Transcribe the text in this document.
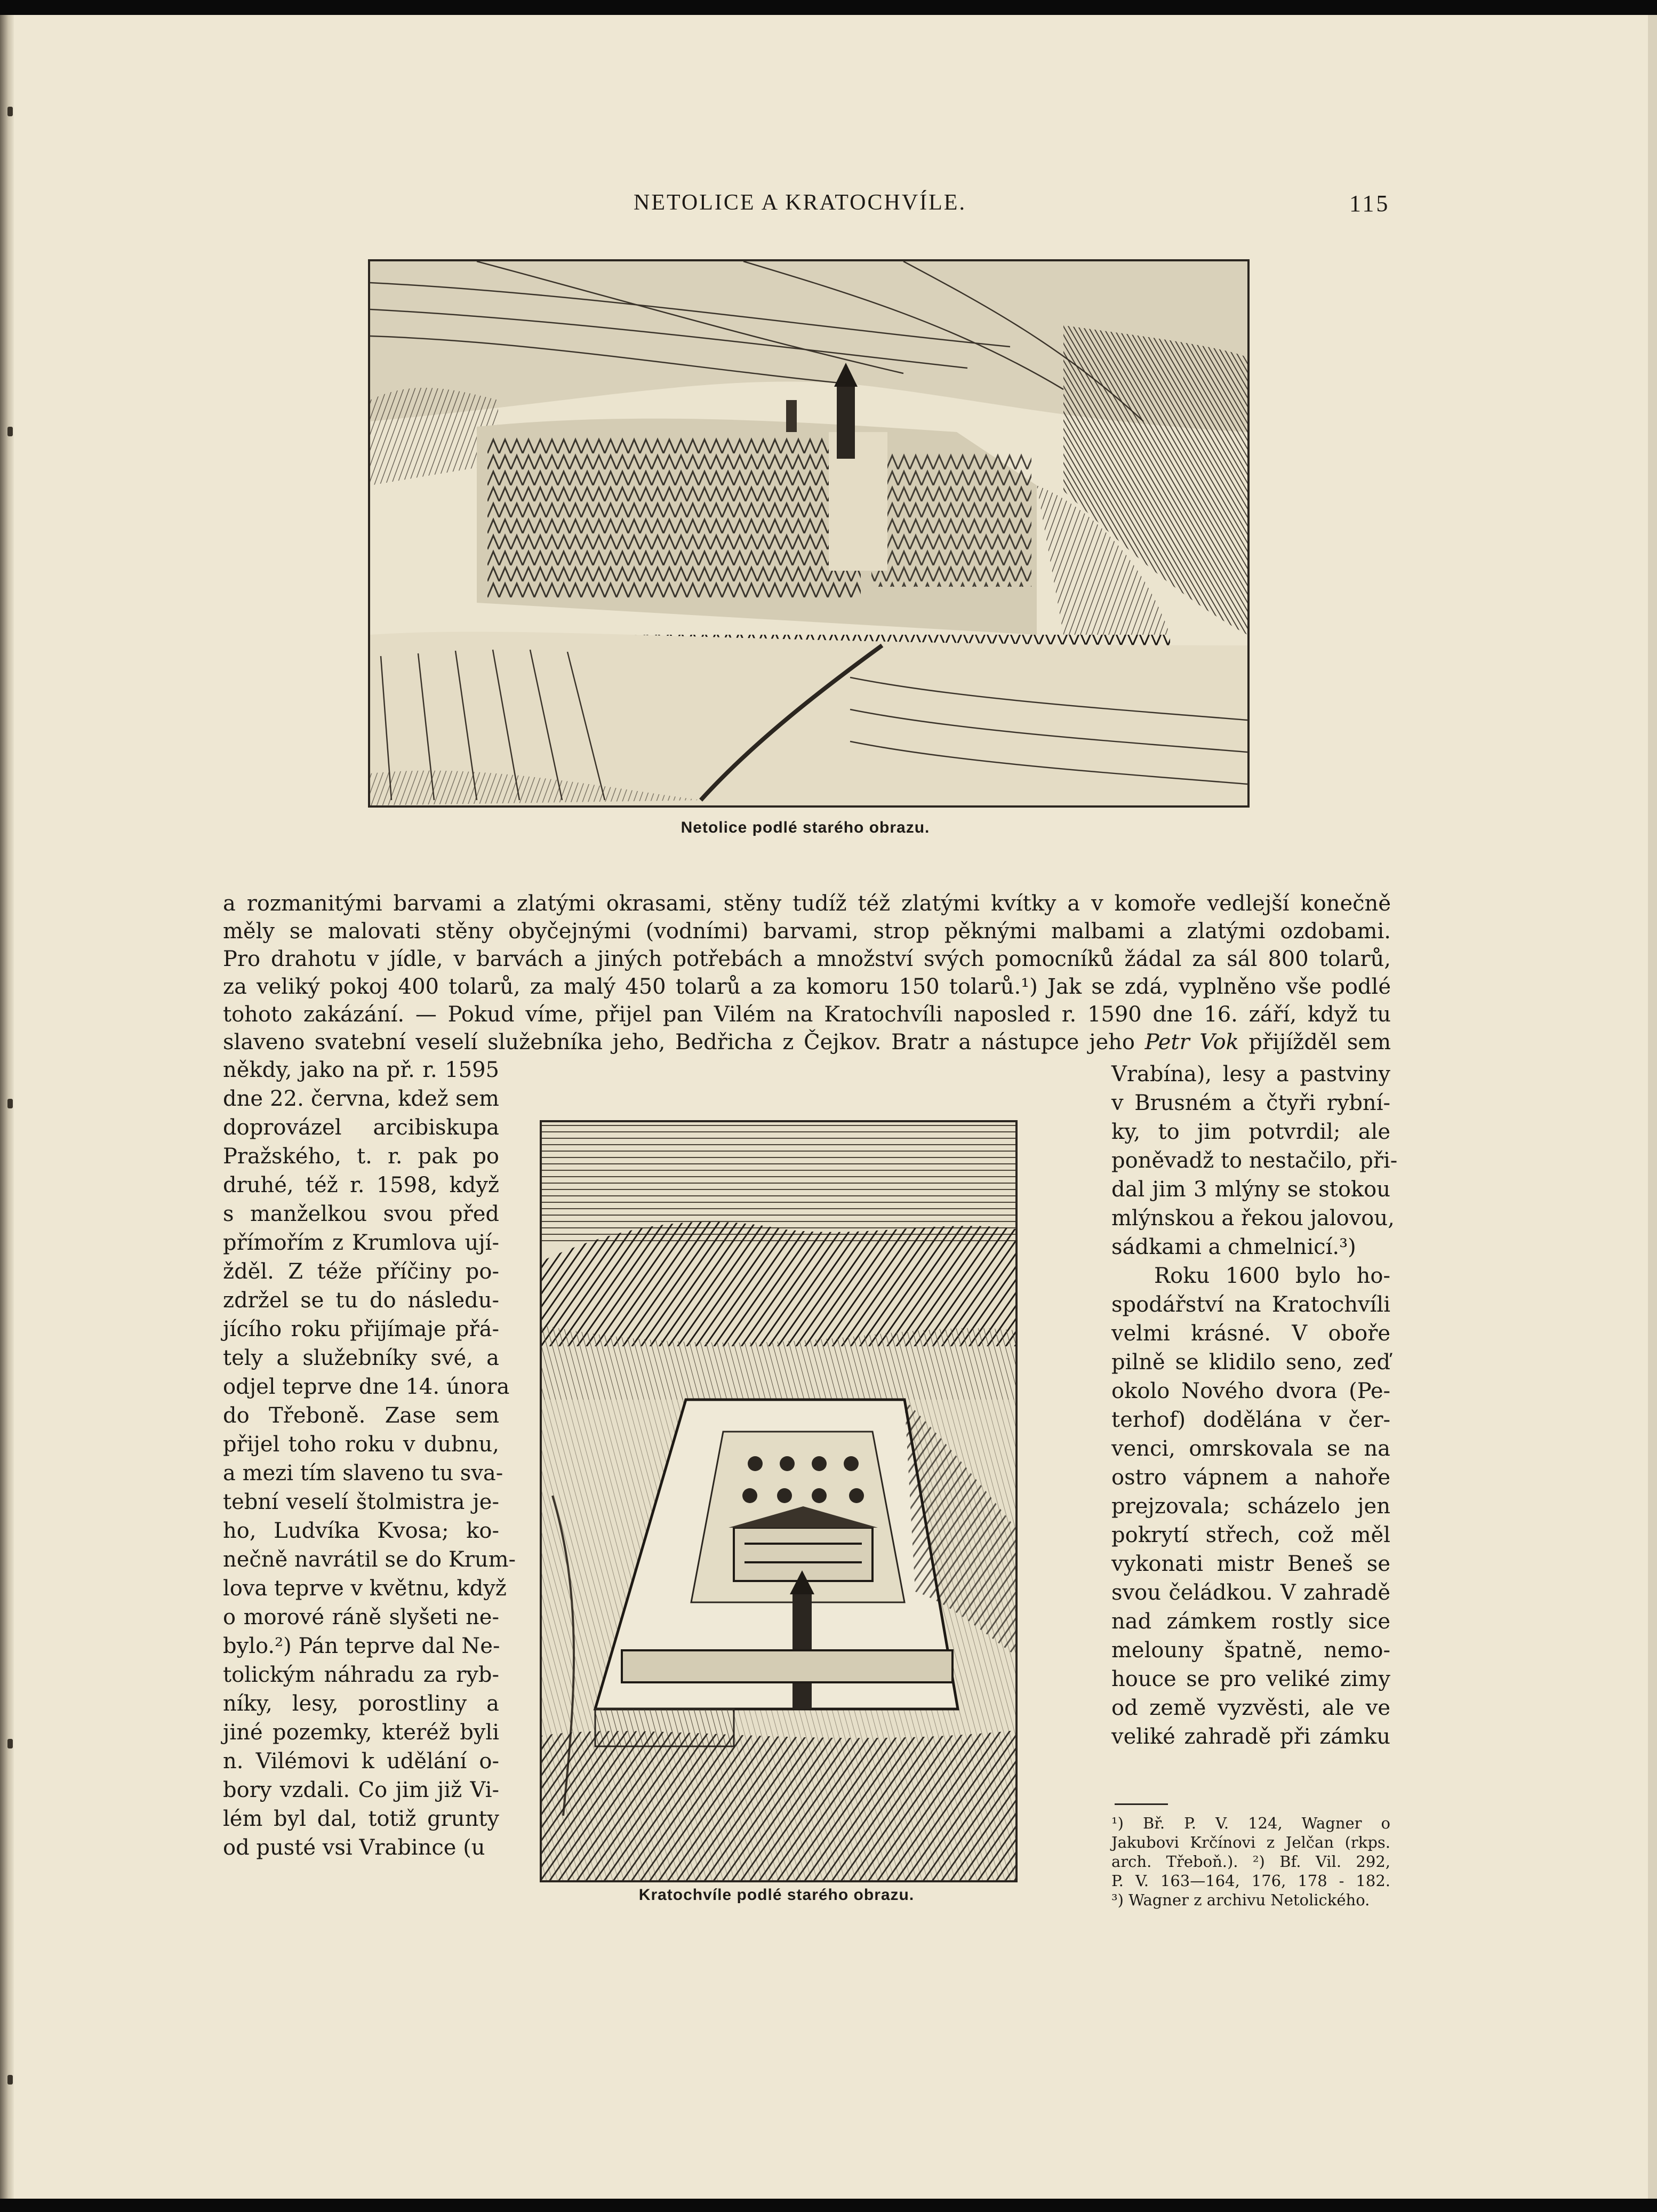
NETOLICE A KRATOCHVÍLE.	115
Netolice podlé starého obrazu.
a rozmanitými barvami a zlatými okrasami, stěny tudíž též zlatými kvítky a v komoře vedlejší konečně
měly se malovati stěny obyčejnými (vodními) barvami, strop pěknými malbami a zlatými ozdobami.
Pro drahotu v jídle, v barvách a jiných potřebách a množství svých pomocníků žádal za sál 800 tolarů,
za veliký pokoj 400 tolarů, za malý 450 tolarů a za komoru 150 tolarů.¹) Jak se zdá, vyplněno vše podlé
tohoto zakázání. — Pokud víme, přijel pan Vilém na Kratochvíli naposled r. 1590 dne 16. září, když tu
slaveno svatební veselí služebníka jeho, Bedřicha z Čejkov. Bratr a nástupce jeho Petr Vok přijížděl sem
Kratochvíle podlé starého obrazu.
někdy, jako na př. r. 1595
dne 22. června, kdež sem
doprovázel arcibiskupa
Pražského, t. r. pak po
druhé, též r. 1598, když
s manželkou svou před
přímořím z Krumlova ují-
žděl. Z téže příčiny po-
zdržel se tu do následu-
jícího roku přijímaje přá-
tely a služebníky své, a
odjel teprve dne 14. února
do Třeboně. Zase sem
přijel toho roku v dubnu,
a mezi tím slaveno tu sva-
tební veselí štolmistra je-
ho, Ludvíka Kvosa; ko-
nečně navrátil se do Krum-
lova teprve v květnu, když
o morové ráně slyšeti ne-
bylo.²) Pán teprve dal Ne-
tolickým náhradu za ryb-
níky, lesy, porostliny a
jiné pozemky, kteréž byli
n. Vilémovi k udělání o-
bory vzdali. Co jim již Vi-
lém byl dal, totiž grunty
od pusté vsi Vrabince (u
Vrabína), lesy a pastviny
v Brusném a čtyři rybní-
ky, to jim potvrdil; ale
poněvadž to nestačilo, při-
dal jim 3 mlýny se stokou
mlýnskou a řekou jalovou,
sádkami a chmelnicí.³)
Roku 1600 bylo ho-
spodářství na Kratochvíli
velmi krásné. V oboře
pilně se klidilo seno, zeď
okolo Nového dvora (Pe-
terhof) dodělána v čer-
venci, omrskovala se na
ostro vápnem a nahoře
prejzovala; scházelo jen
pokrytí střech, což měl
vykonati mistr Beneš se
svou čeládkou. V zahradě
nad zámkem rostly sice
melouny špatně, nemo-
houce se pro veliké zimy
od země vyzvěsti, ale ve
veliké zahradě při zámku
¹) Bř. P. V. 124, Wagner o
Jakubovi Krčínovi z Jelčan (rkps.
arch. Třeboň.). ²) Bf. Vil. 292,
P. V. 163—164, 176, 178 - 182.
³) Wagner z archivu Netolického.
